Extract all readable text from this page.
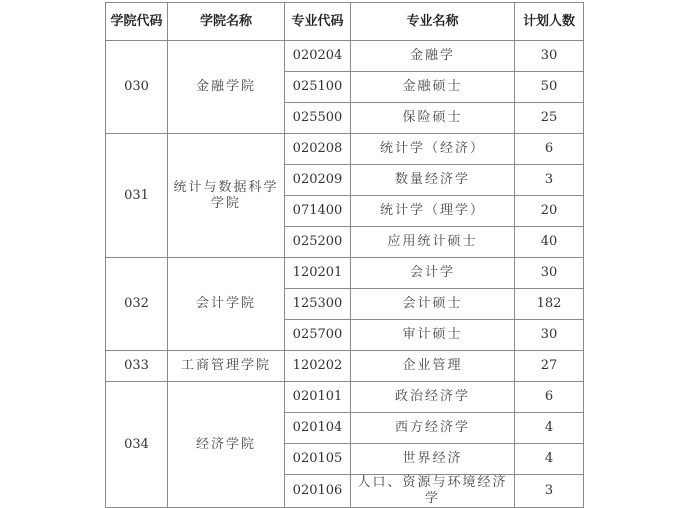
学院代码	学院名称	专业代码	专业名称	计划人数
030	金融学院	020204	金融学	30
		025100	金融硕士	50
		025500	保险硕士	25
031	统计与数据科学学院	020208	统计学（经济）	6
		020209	数量经济学	3
		071400	统计学（理学）	20
		025200	应用统计硕士	40
032	会计学院	120201	会计学	30
		125300	会计硕士	182
		025700	审计硕士	30
033	工商管理学院	120202	企业管理	27
034	经济学院	020101	政治经济学	6
		020104	西方经济学	4
		020105	世界经济	4
		020106	人口、资源与环境经济学	3
